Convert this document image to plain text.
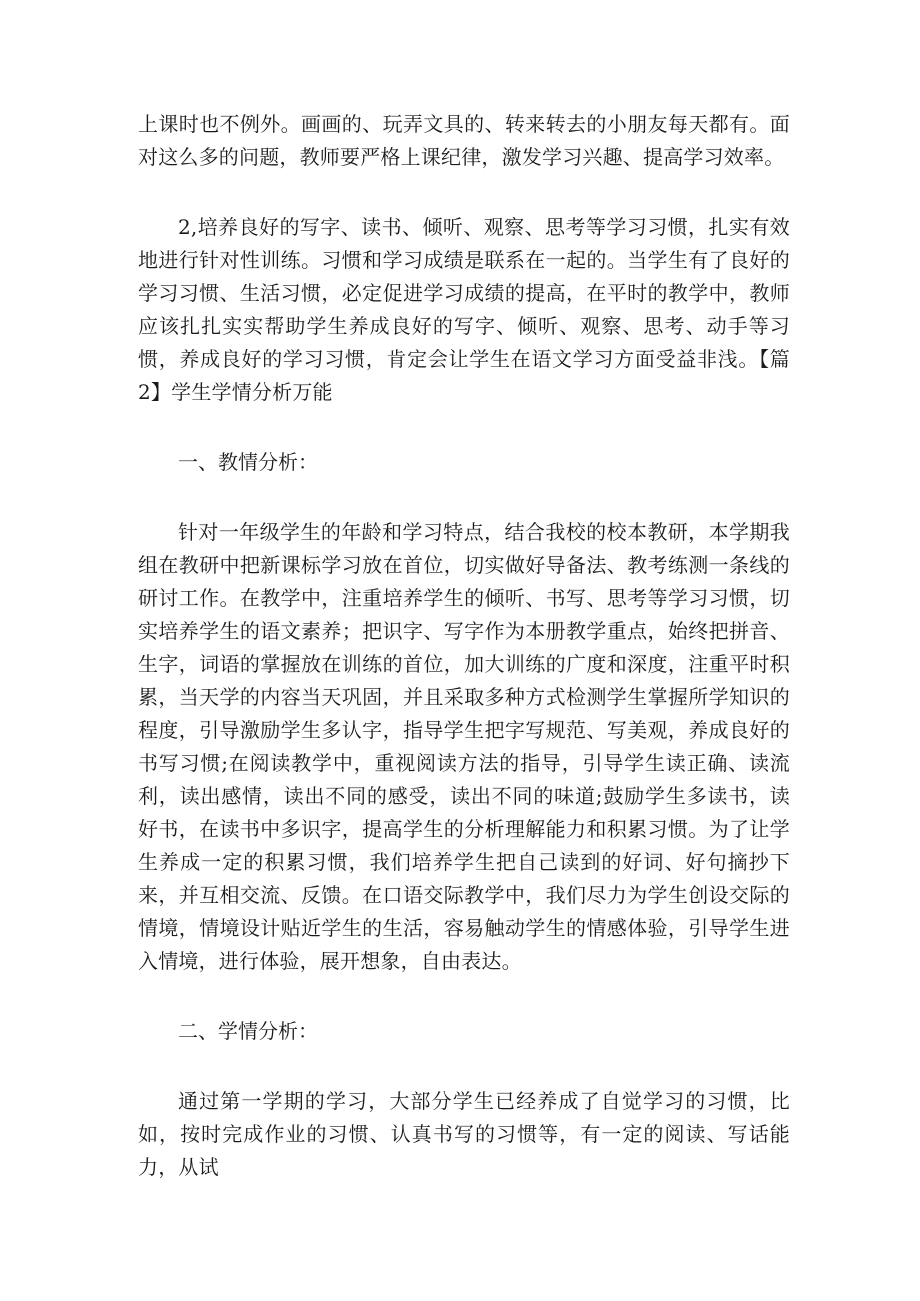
上课时也不例外。画画的、玩弄文具的、转来转去的小朋友每天都有。面对这么多的问题，教师要严格上课纪律，激发学习兴趣、提高学习效率。

2,培养良好的写字、读书、倾听、观察、思考等学习习惯，扎实有效地进行针对性训练。习惯和学习成绩是联系在一起的。当学生有了良好的学习习惯、生活习惯，必定促进学习成绩的提高，在平时的教学中，教师应该扎扎实实帮助学生养成良好的写字、倾听、观察、思考、动手等习惯，养成良好的学习习惯，肯定会让学生在语文学习方面受益非浅。【篇2】学生学情分析万能

一、教情分析：

针对一年级学生的年龄和学习特点，结合我校的校本教研，本学期我组在教研中把新课标学习放在首位，切实做好导备法、教考练测一条线的研讨工作。在教学中，注重培养学生的倾听、书写、思考等学习习惯，切实培养学生的语文素养；把识字、写字作为本册教学重点，始终把拼音、生字，词语的掌握放在训练的首位，加大训练的广度和深度，注重平时积累，当天学的内容当天巩固，并且采取多种方式检测学生掌握所学知识的程度，引导激励学生多认字，指导学生把字写规范、写美观，养成良好的书写习惯;在阅读教学中，重视阅读方法的指导，引导学生读正确、读流利，读出感情，读出不同的感受，读出不同的味道;鼓励学生多读书，读好书，在读书中多识字，提高学生的分析理解能力和积累习惯。为了让学生养成一定的积累习惯，我们培养学生把自己读到的好词、好句摘抄下来，并互相交流、反馈。在口语交际教学中，我们尽力为学生创设交际的情境，情境设计贴近学生的生活，容易触动学生的情感体验，引导学生进入情境，进行体验，展开想象，自由表达。

二、学情分析：

通过第一学期的学习，大部分学生已经养成了自觉学习的习惯，比如，按时完成作业的习惯、认真书写的习惯等，有一定的阅读、写话能力，从试
